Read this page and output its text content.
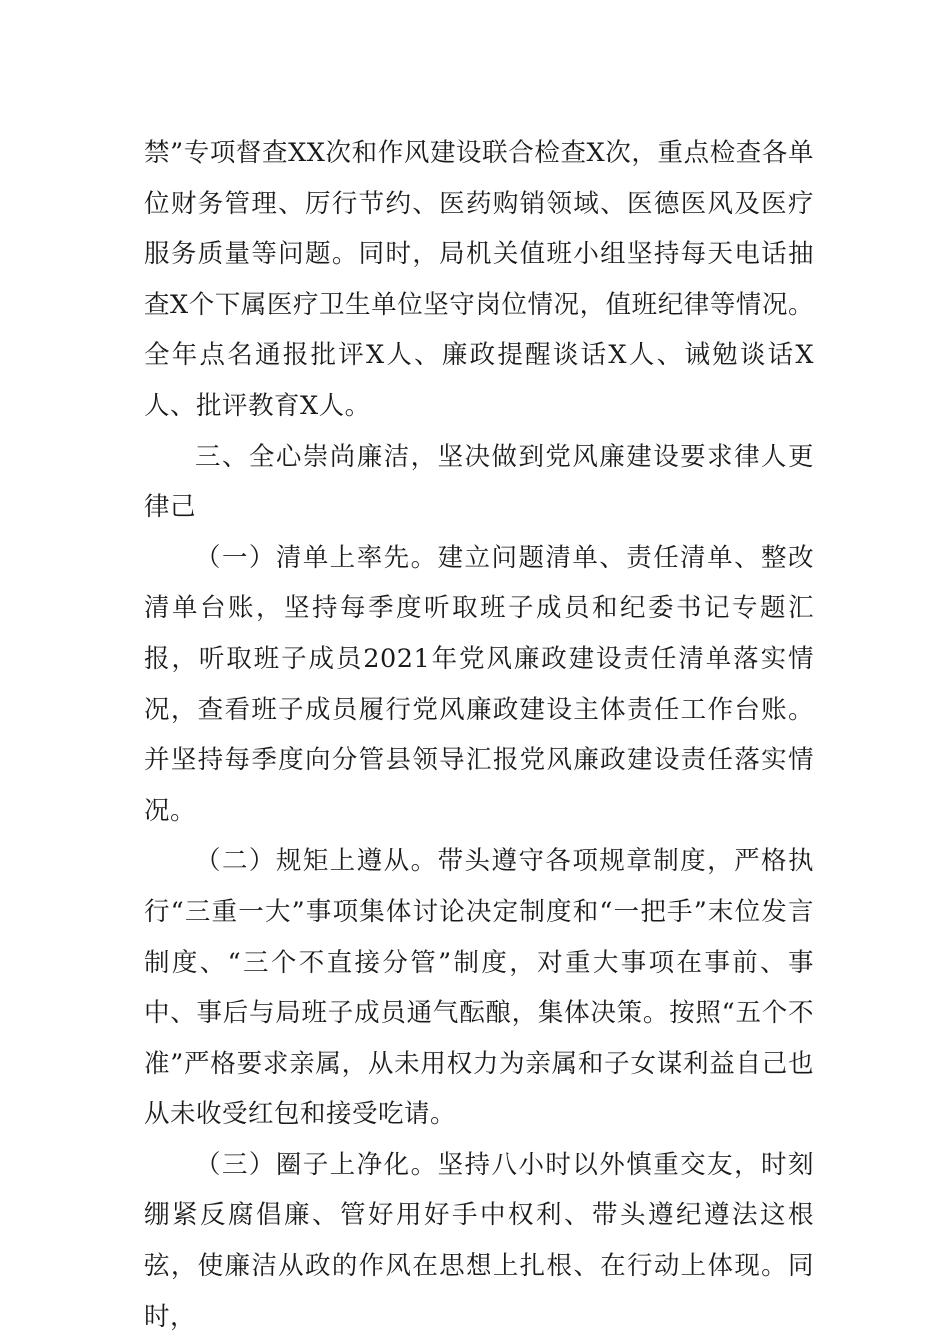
禁”专项督查XX次和作风建设联合检查X次，重点检查各单位财务管理、厉行节约、医药购销领域、医德医风及医疗服务质量等问题。同时，局机关值班小组坚持每天电话抽查X个下属医疗卫生单位坚守岗位情况，值班纪律等情况。全年点名通报批评X人、廉政提醒谈话X人、诫勉谈话X人、批评教育X人。

三、全心崇尚廉洁，坚决做到党风廉建设要求律人更律己

（一）清单上率先。建立问题清单、责任清单、整改清单台账，坚持每季度听取班子成员和纪委书记专题汇报，听取班子成员2021年党风廉政建设责任清单落实情况，查看班子成员履行党风廉政建设主体责任工作台账。并坚持每季度向分管县领导汇报党风廉政建设责任落实情况。

（二）规矩上遵从。带头遵守各项规章制度，严格执行“三重一大”事项集体讨论决定制度和“一把手”末位发言制度、“三个不直接分管”制度，对重大事项在事前、事中、事后与局班子成员通气酝酿，集体决策。按照“五个不准”严格要求亲属，从未用权力为亲属和子女谋利益自己也从未收受红包和接受吃请。

（三）圈子上净化。坚持八小时以外慎重交友，时刻绷紧反腐倡廉、管好用好手中权利、带头遵纪遵法这根弦，使廉洁从政的作风在思想上扎根、在行动上体现。同时，
